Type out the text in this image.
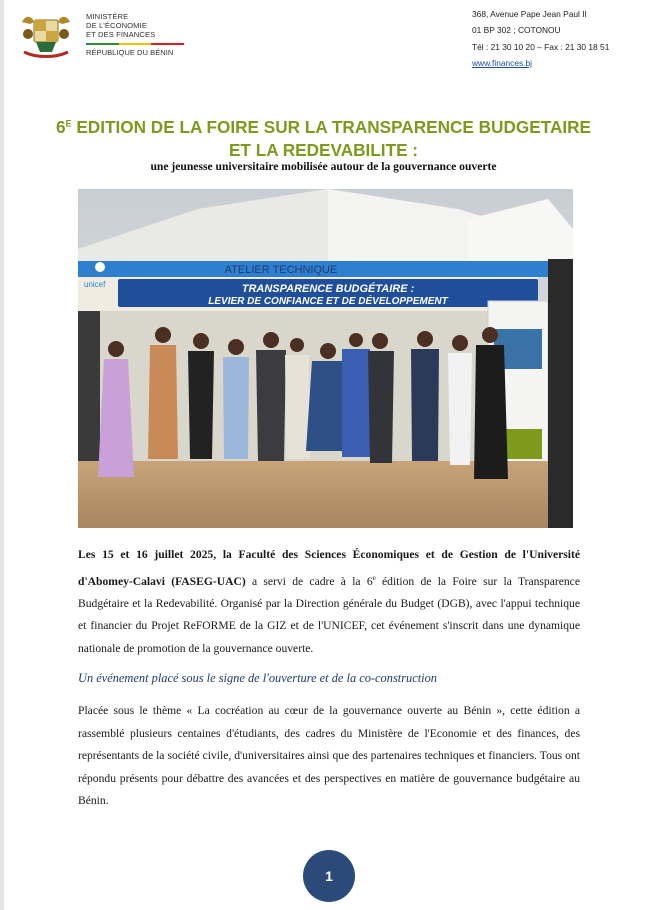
MINISTÈRE
DE L'ÉCONOMIE
ET DES FINANCES
RÉPUBLIQUE DU BÉNIN
368, Avenue Pape Jean Paul II
01 BP 302 ; COTONOU
Tél : 21 30 10 20 – Fax : 21 30 18 51
www.finances.bj
$6^E$ EDITION DE LA FOIRE SUR LA TRANSPARENCE BUDGETAIRE
ET LA REDEVABILITE :
une jeunesse universitaire mobilisée autour de la gouvernance ouverte
ATELIER TECHNIQUE
TRANSPARENCE BUDGÉTAIRE :
LEVIER DE CONFIANCE ET DE DÉVELOPPEMENT
unicef
Les 15 et 16 juillet 2025, la Faculté des Sciences Économiques et de Gestion de l'Université d'Abomey-Calavi (FASEG-UAC) a servi de cadre à la 6e édition de la Foire sur la Transparence Budgétaire et la Redevabilité. Organisé par la Direction générale du Budget (DGB), avec l'appui technique et financier du Projet ReFORME de la GIZ et de l'UNICEF, cet événement s'inscrit dans une dynamique nationale de promotion de la gouvernance ouverte.
Un événement placé sous le signe de l'ouverture et de la co-construction
Placée sous le thème « La cocréation au cœur de la gouvernance ouverte au Bénin », cette édition a rassemblé plusieurs centaines d'étudiants, des cadres du Ministère de l'Economie et des finances, des représentants de la société civile, d'universitaires ainsi que des partenaires techniques et financiers. Tous ont répondu présents pour débattre des avancées et des perspectives en matière de gouvernance budgétaire au Bénin.
1
